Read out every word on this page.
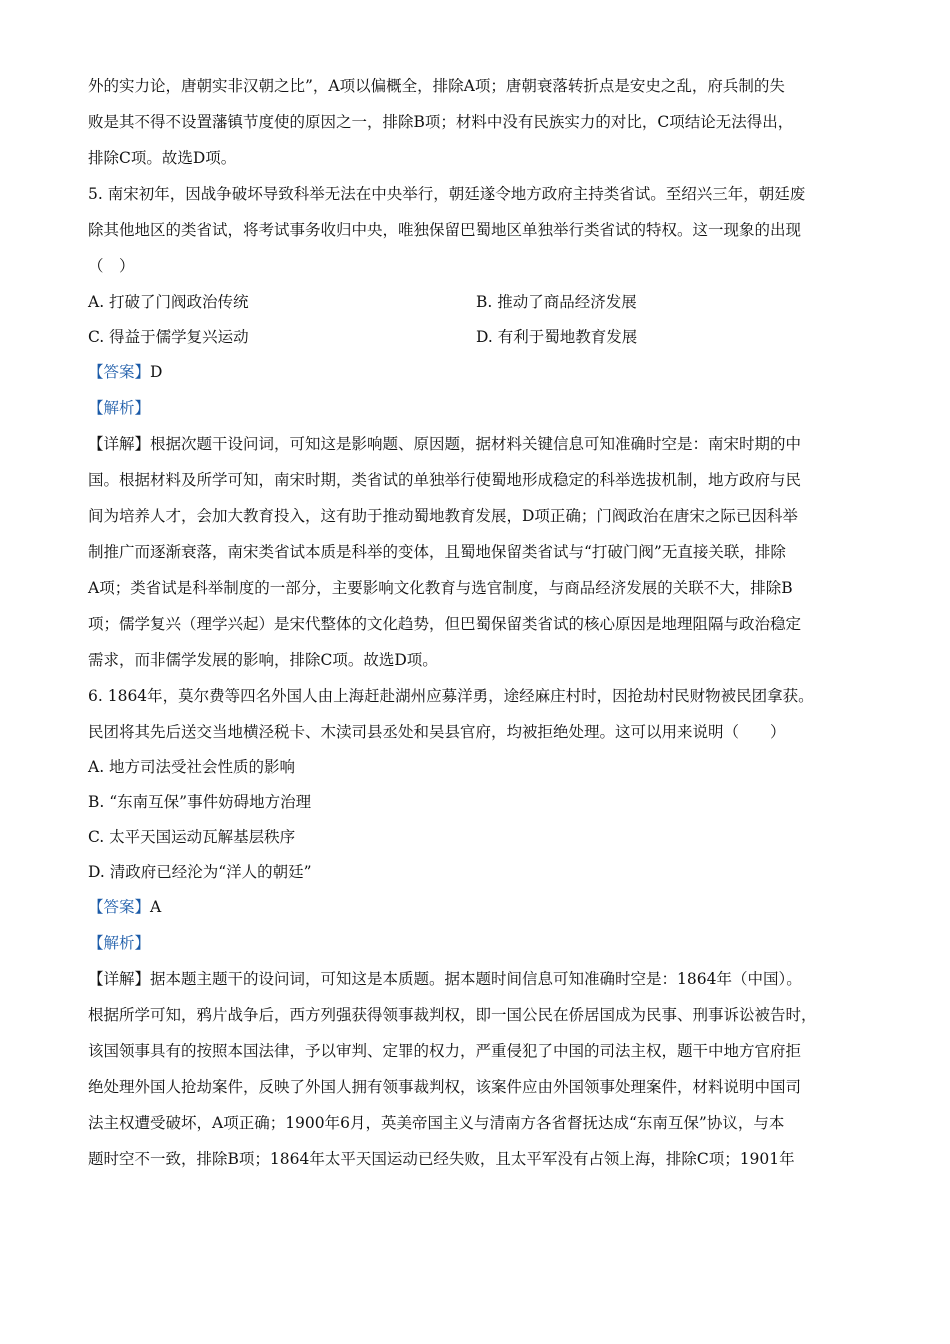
外的实力论，唐朝实非汉朝之比”，A项以偏概全，排除A项；唐朝衰落转折点是安史之乱，府兵制的失
败是其不得不设置藩镇节度使的原因之一，排除B项；材料中没有民族实力的对比，C项结论无法得出，
排除C项。故选D项。
5. 南宋初年，因战争破坏导致科举无法在中央举行，朝廷遂令地方政府主持类省试。至绍兴三年，朝廷废
除其他地区的类省试，将考试事务收归中央，唯独保留巴蜀地区单独举行类省试的特权。这一现象的出现
（　）
A. 打破了门阀政治传统	B. 推动了商品经济发展
C. 得益于儒学复兴运动	D. 有利于蜀地教育发展
【答案】D
【解析】
【详解】根据次题干设问词，可知这是影响题、原因题，据材料关键信息可知准确时空是：南宋时期的中
国。根据材料及所学可知，南宋时期，类省试的单独举行使蜀地形成稳定的科举选拔机制，地方政府与民
间为培养人才，会加大教育投入，这有助于推动蜀地教育发展，D项正确；门阀政治在唐宋之际已因科举
制推广而逐渐衰落，南宋类省试本质是科举的变体，且蜀地保留类省试与“打破门阀”无直接关联，排除
A项；类省试是科举制度的一部分，主要影响文化教育与选官制度，与商品经济发展的关联不大，排除B
项；儒学复兴（理学兴起）是宋代整体的文化趋势，但巴蜀保留类省试的核心原因是地理阻隔与政治稳定
需求，而非儒学发展的影响，排除C项。故选D项。
6. 1864年，莫尔费等四名外国人由上海赶赴湖州应募洋勇，途经麻庄村时，因抢劫村民财物被民团拿获。
民团将其先后送交当地横泾税卡、木渎司县丞处和吴县官府，均被拒绝处理。这可以用来说明（　　）
A. 地方司法受社会性质的影响
B. “东南互保”事件妨碍地方治理
C. 太平天国运动瓦解基层秩序
D. 清政府已经沦为“洋人的朝廷”
【答案】A
【解析】
【详解】据本题主题干的设问词，可知这是本质题。据本题时间信息可知准确时空是：1864年（中国）。
根据所学可知，鸦片战争后，西方列强获得领事裁判权，即一国公民在侨居国成为民事、刑事诉讼被告时，
该国领事具有的按照本国法律，予以审判、定罪的权力，严重侵犯了中国的司法主权，题干中地方官府拒
绝处理外国人抢劫案件，反映了外国人拥有领事裁判权，该案件应由外国领事处理案件，材料说明中国司
法主权遭受破坏，A项正确；1900年6月，英美帝国主义与清南方各省督抚达成“东南互保”协议，与本
题时空不一致，排除B项；1864年太平天国运动已经失败，且太平军没有占领上海，排除C项；1901年
